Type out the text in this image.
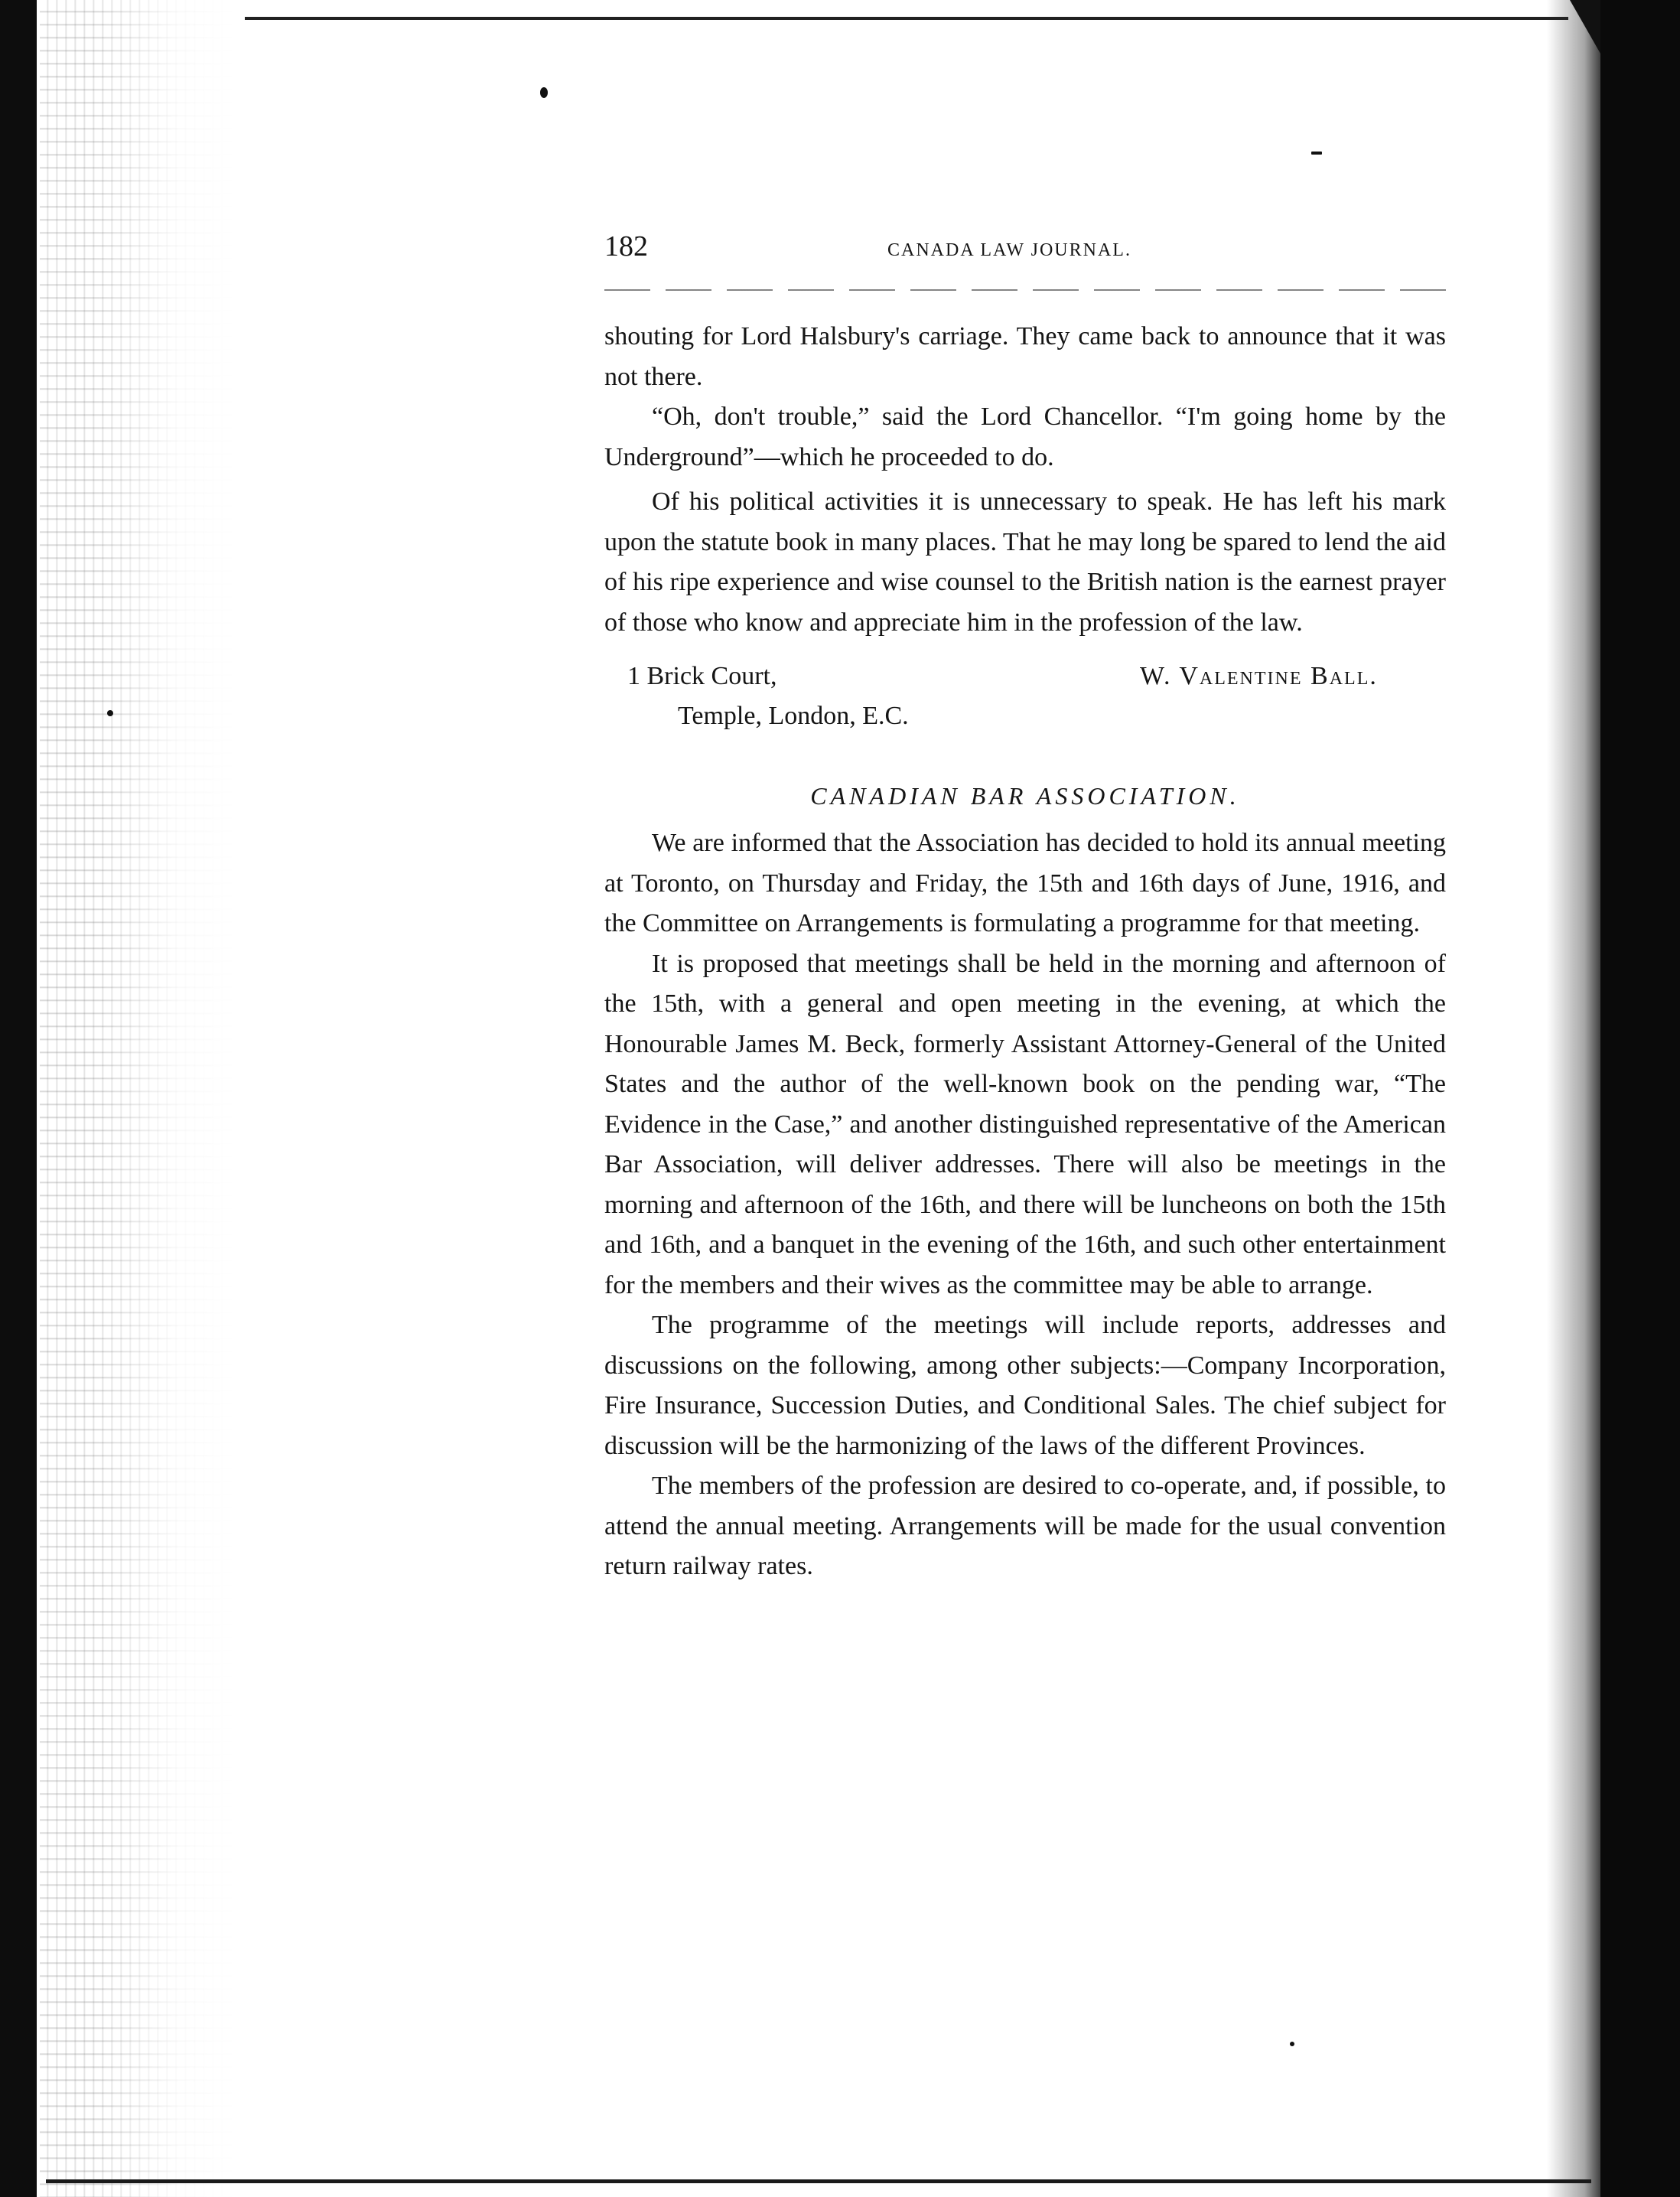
182	CANADA LAW JOURNAL.

shouting for Lord Halsbury's carriage. They came back to announce that it was not there.

“Oh, don't trouble,” said the Lord Chancellor. “I'm going home by the Underground”—which he proceeded to do.

Of his political activities it is unnecessary to speak. He has left his mark upon the statute book in many places. That he may long be spared to lend the aid of his ripe experience and wise counsel to the British nation is the earnest prayer of those who know and appreciate him in the profession of the law.

1 Brick Court,
Temple, London, E.C.
W. Valentine Ball.
CANADIAN BAR ASSOCIATION.

We are informed that the Association has decided to hold its annual meeting at Toronto, on Thursday and Friday, the 15th and 16th days of June, 1916, and the Committee on Arrangements is formulating a programme for that meeting.

It is proposed that meetings shall be held in the morning and afternoon of the 15th, with a general and open meeting in the evening, at which the Honourable James M. Beck, formerly Assistant Attorney-General of the United States and the author of the well-known book on the pending war, “The Evidence in the Case,” and another distinguished representative of the American Bar Association, will deliver addresses. There will also be meetings in the morning and afternoon of the 16th, and there will be luncheons on both the 15th and 16th, and a banquet in the evening of the 16th, and such other entertainment for the members and their wives as the committee may be able to arrange.

The programme of the meetings will include reports, addresses and discussions on the following, among other subjects:—Company Incorporation, Fire Insurance, Succession Duties, and Conditional Sales. The chief subject for discussion will be the harmonizing of the laws of the different Provinces.

The members of the profession are desired to co-operate, and, if possible, to attend the annual meeting. Arrangements will be made for the usual convention return railway rates.
